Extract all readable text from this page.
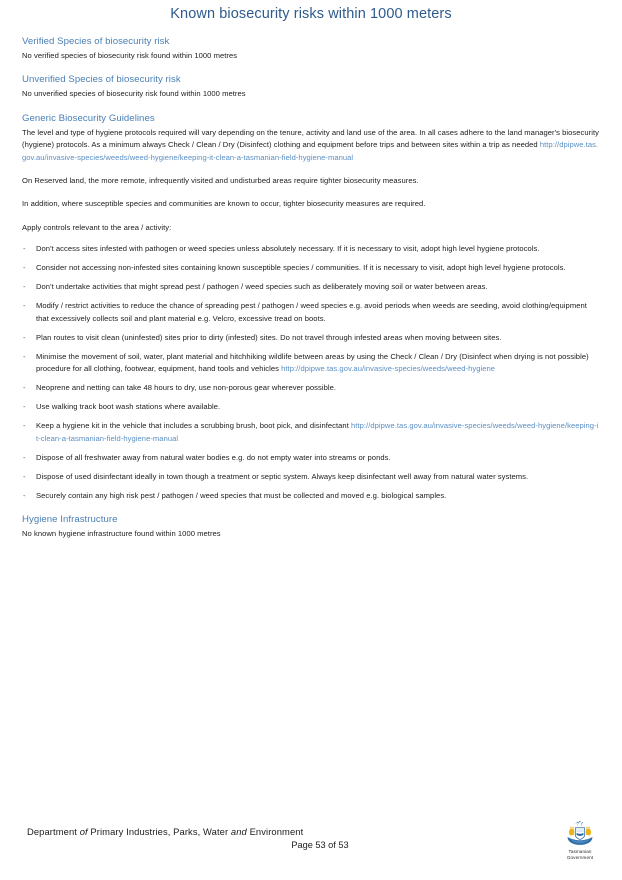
Known biosecurity risks within 1000 meters
Verified Species of biosecurity risk

No verified species of biosecurity risk found within 1000 metres

Unverified Species of biosecurity risk

No unverified species of biosecurity risk found within 1000 metres

Generic Biosecurity Guidelines

The level and type of hygiene protocols required will vary depending on the tenure, activity and land use of the area. In all cases adhere to the land manager's biosecurity (hygiene) protocols. As a minimum always Check / Clean / Dry (Disinfect) clothing and equipment before trips and between sites within a trip as needed http://dpipwe.tas.gov.au/invasive-species/weeds/weed-hygiene/keeping-it-clean-a-tasmanian-field-hygiene-manual

On Reserved land, the more remote, infrequently visited and undisturbed areas require tighter biosecurity measures.

In addition, where susceptible species and communities are known to occur, tighter biosecurity measures are required.

Apply controls relevant to the area / activity:

- Don't access sites infested with pathogen or weed species unless absolutely necessary. If it is necessary to visit, adopt high level hygiene protocols.
- Consider not accessing non-infested sites containing known susceptible species / communities. If it is necessary to visit, adopt high level hygiene protocols.
- Don't undertake activities that might spread pest / pathogen / weed species such as deliberately moving soil or water between areas.
- Modify / restrict activities to reduce the chance of spreading pest / pathogen / weed species e.g. avoid periods when weeds are seeding, avoid clothing/equipment that excessively collects soil and plant material e.g. Velcro, excessive tread on boots.
- Plan routes to visit clean (uninfested) sites prior to dirty (infested) sites. Do not travel through infested areas when moving between sites.
- Minimise the movement of soil, water, plant material and hitchhiking wildlife between areas by using the Check / Clean / Dry (Disinfect when drying is not possible) procedure for all clothing, footwear, equipment, hand tools and vehicles http://dpipwe.tas.gov.au/invasive-species/weeds/weed-hygiene
- Neoprene and netting can take 48 hours to dry, use non-porous gear wherever possible.
- Use walking track boot wash stations where available.
- Keep a hygiene kit in the vehicle that includes a scrubbing brush, boot pick, and disinfectant http://dpipwe.tas.gov.au/invasive-species/weeds/weed-hygiene/keeping-it-clean-a-tasmanian-field-hygiene-manual
- Dispose of all freshwater away from natural water bodies e.g. do not empty water into streams or ponds.
- Dispose of used disinfectant ideally in town though a treatment or septic system. Always keep disinfectant well away from natural water systems.
- Securely contain any high risk pest / pathogen / weed species that must be collected and moved e.g. biological samples.
Hygiene Infrastructure

No known hygiene infrastructure found within 1000 metres

Department of Primary Industries, Parks, Water and Environment
Page 53 of 53
Tasmanian
Government
